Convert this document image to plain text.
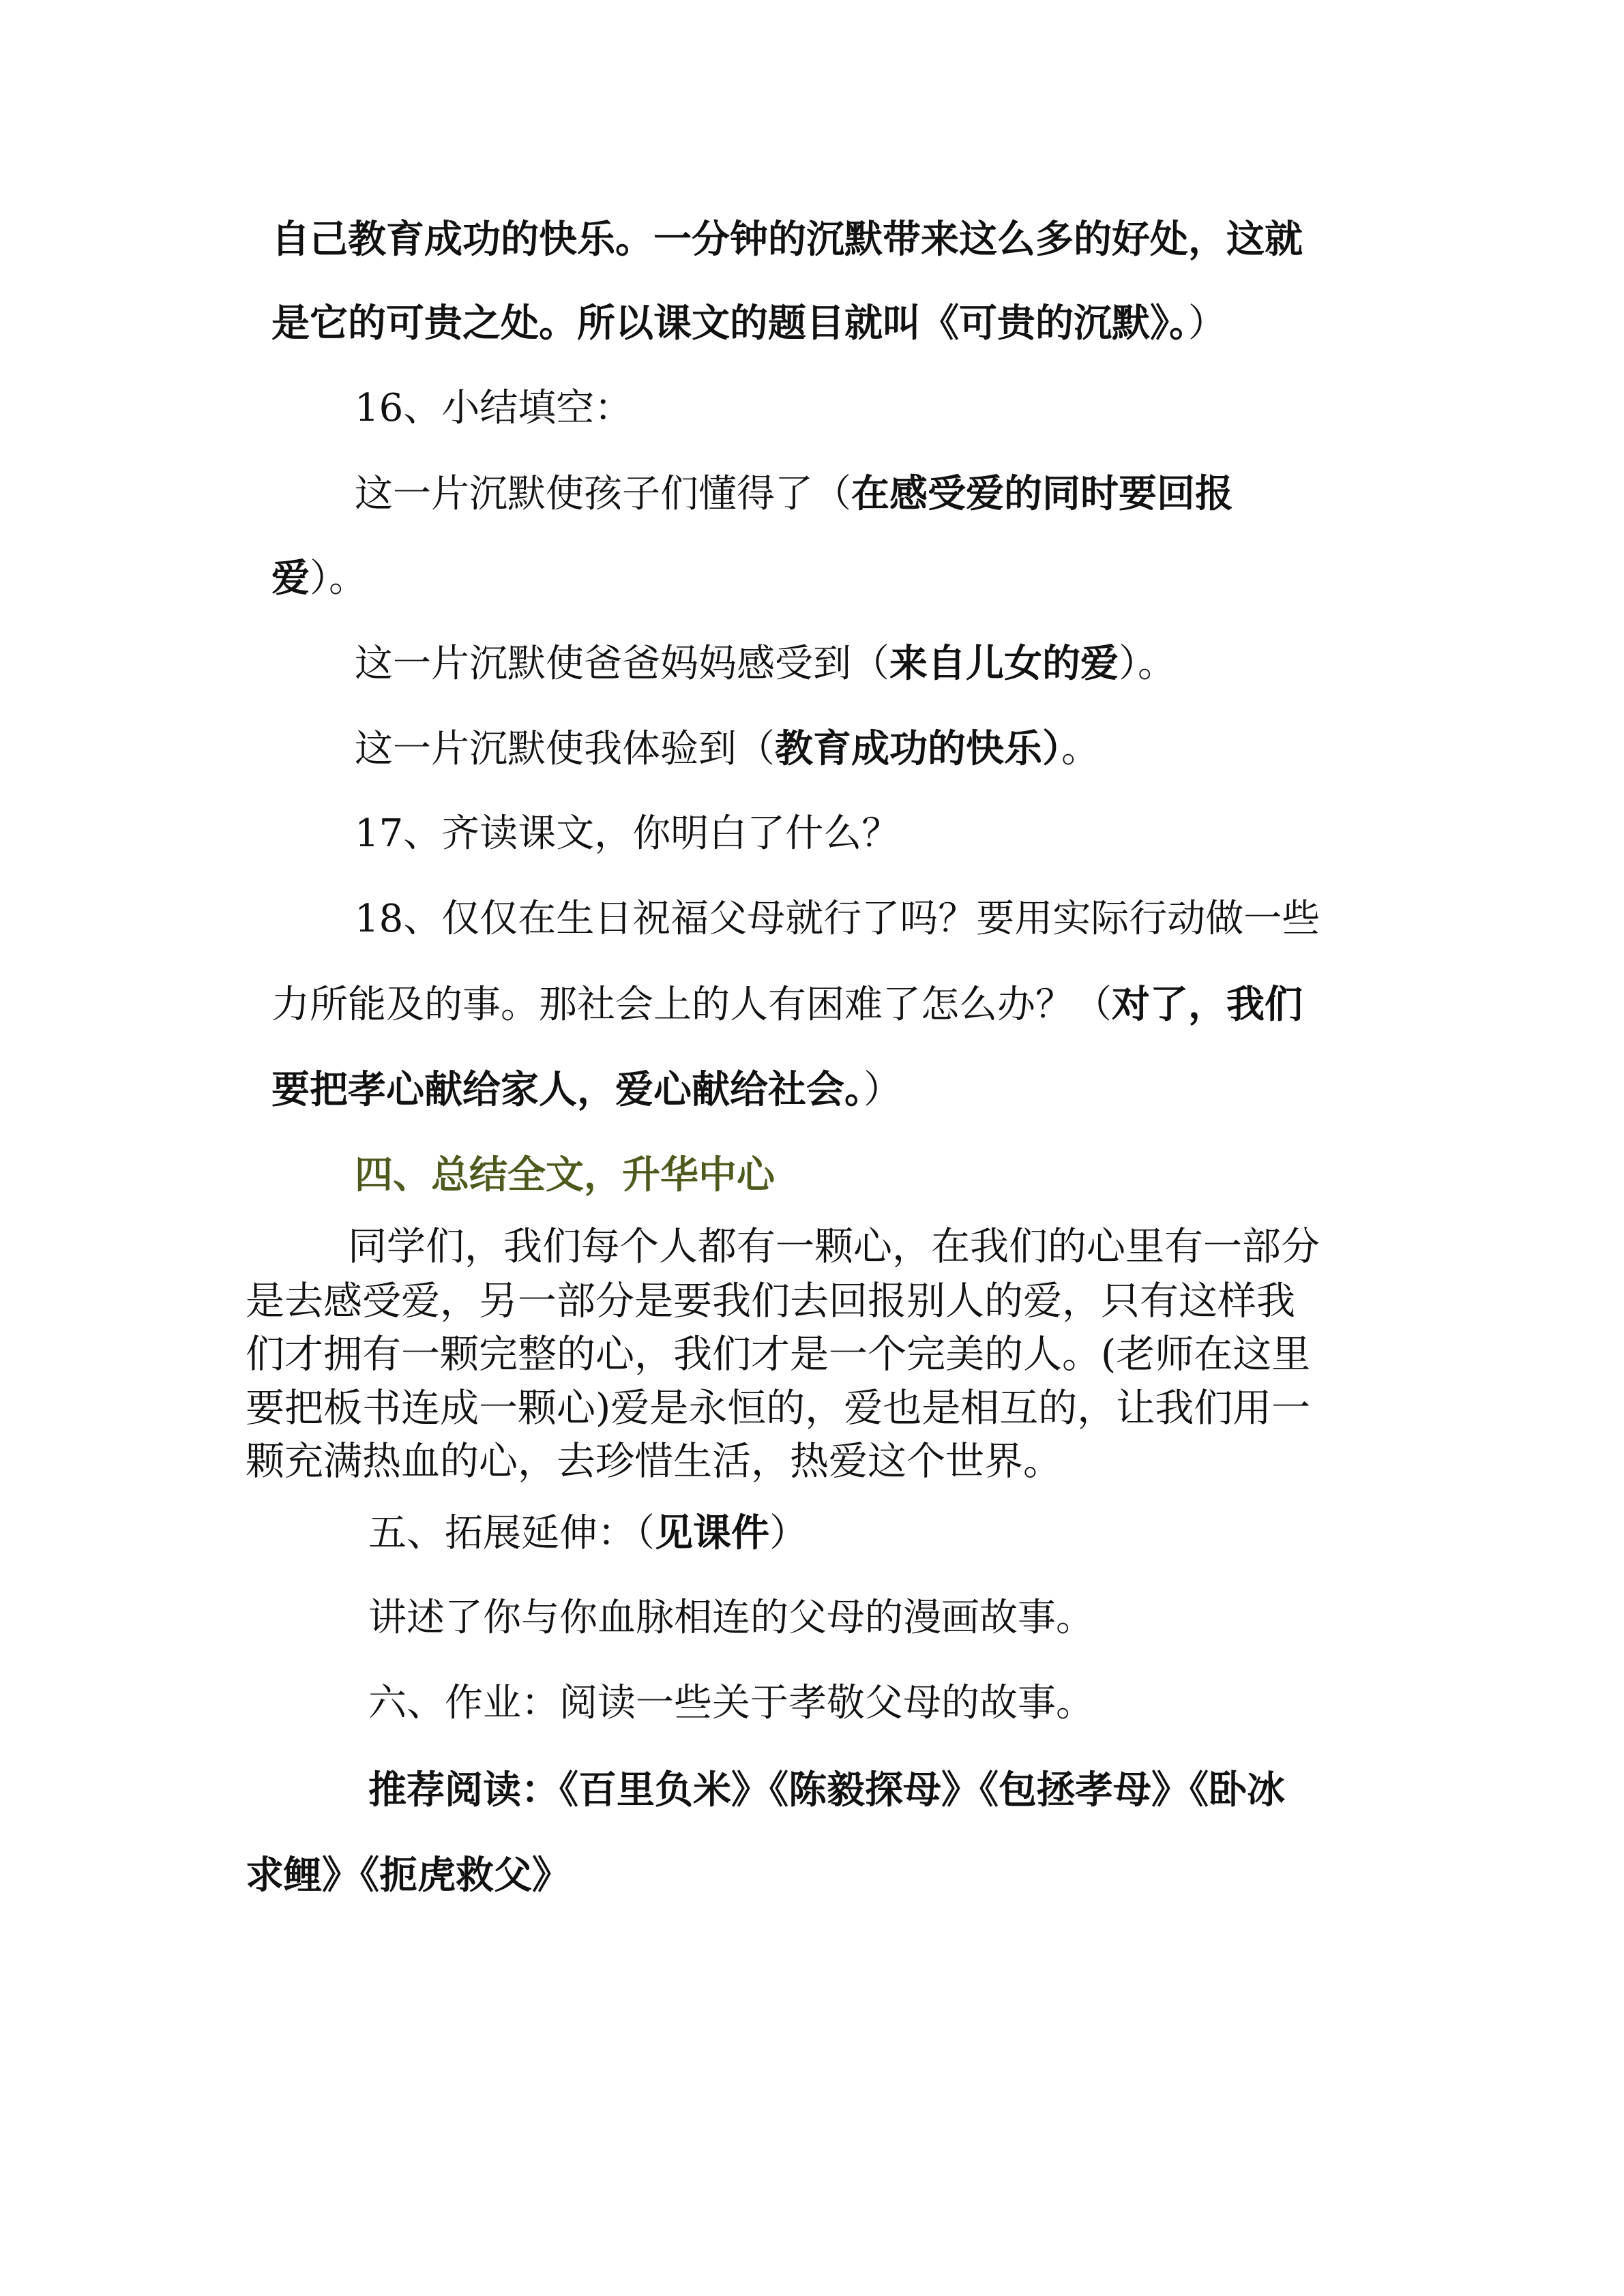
自己教育成功的快乐。一分钟的沉默带来这么多的好处，这就

是它的可贵之处。所以课文的题目就叫《可贵的沉默》。）

16、小结填空：

这一片沉默使孩子们懂得了（在感受爱的同时要回报

爱）。

这一片沉默使爸爸妈妈感受到（来自儿女的爱）。

这一片沉默使我体验到（教育成功的快乐）。

17、齐读课文，你明白了什么？

18、仅仅在生日祝福父母就行了吗？要用实际行动做一些

力所能及的事。那社会上的人有困难了怎么办？（对了，我们

要把孝心献给家人，爱心献给社会。）

四、总结全文，升华中心

同学们，我们每个人都有一颗心，在我们的心里有一部分

是去感受爱，另一部分是要我们去回报别人的爱，只有这样我

们才拥有一颗完整的心，我们才是一个完美的人。(老师在这里

要把板书连成一颗心)爱是永恒的，爱也是相互的，让我们用一

颗充满热血的心，去珍惜生活，热爱这个世界。

五、拓展延伸：（见课件）

讲述了你与你血脉相连的父母的漫画故事。

六、作业：阅读一些关于孝敬父母的故事。

推荐阅读：《百里负米》《陈毅探母》《包拯孝母》《卧冰

求鲤》《扼虎救父》
